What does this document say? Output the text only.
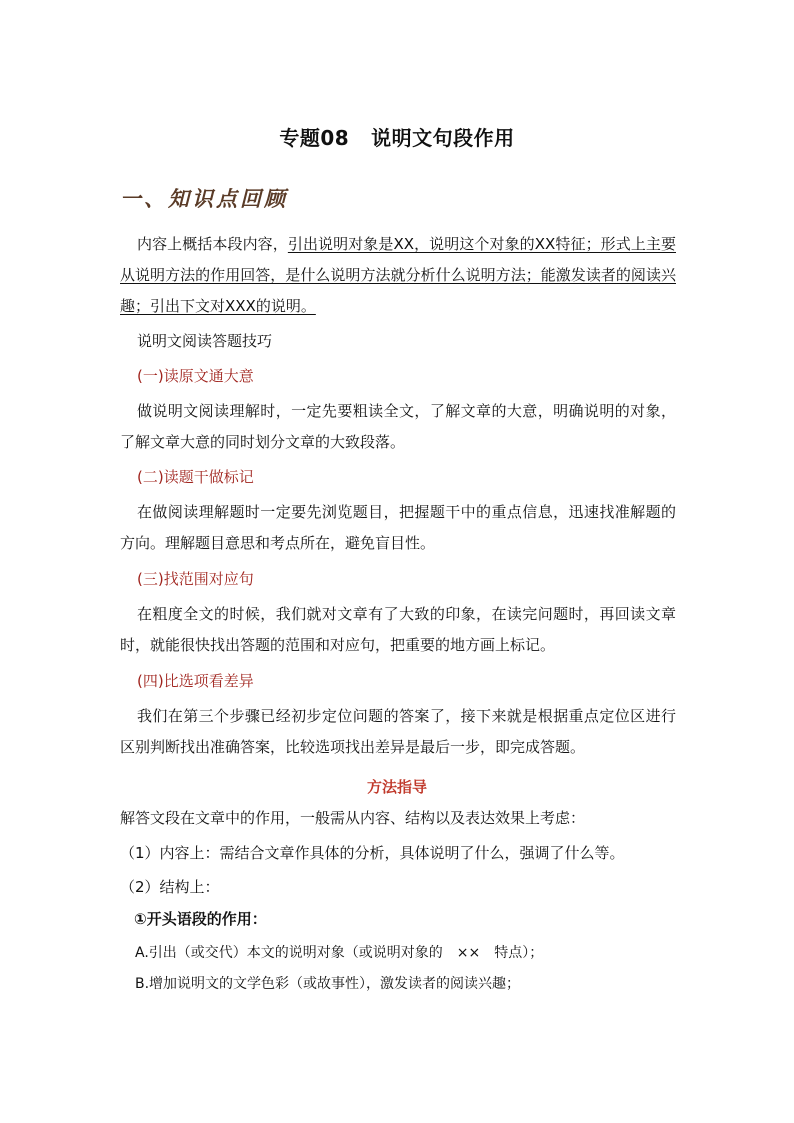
专题08 说明文句段作用
一、知识点回顾
内容上概括本段内容，引出说明对象是XX，说明这个对象的XX特征；形式上主要从说明方法的作用回答，是什么说明方法就分析什么说明方法；能激发读者的阅读兴趣；引出下文对XXX的说明。
说明文阅读答题技巧
(一)读原文通大意
做说明文阅读理解时，一定先要粗读全文，了解文章的大意，明确说明的对象，了解文章大意的同时划分文章的大致段落。
(二)读题干做标记
在做阅读理解题时一定要先浏览题目，把握题干中的重点信息，迅速找准解题的方向。理解题目意思和考点所在，避免盲目性。
(三)找范围对应句
在粗度全文的时候，我们就对文章有了大致的印象，在读完问题时，再回读文章时，就能很快找出答题的范围和对应句，把重要的地方画上标记。
(四)比选项看差异
我们在第三个步骤已经初步定位问题的答案了，接下来就是根据重点定位区进行区别判断找出准确答案，比较选项找出差异是最后一步，即完成答题。
方法指导
解答文段在文章中的作用，一般需从内容、结构以及表达效果上考虑：
（1）内容上：需结合文章作具体的分析，具体说明了什么，强调了什么等。
（2）结构上：
①开头语段的作用：
A.引出（或交代）本文的说明对象（或说明对象的　××　特点）；
B.增加说明文的文学色彩（或故事性），激发读者的阅读兴趣；
